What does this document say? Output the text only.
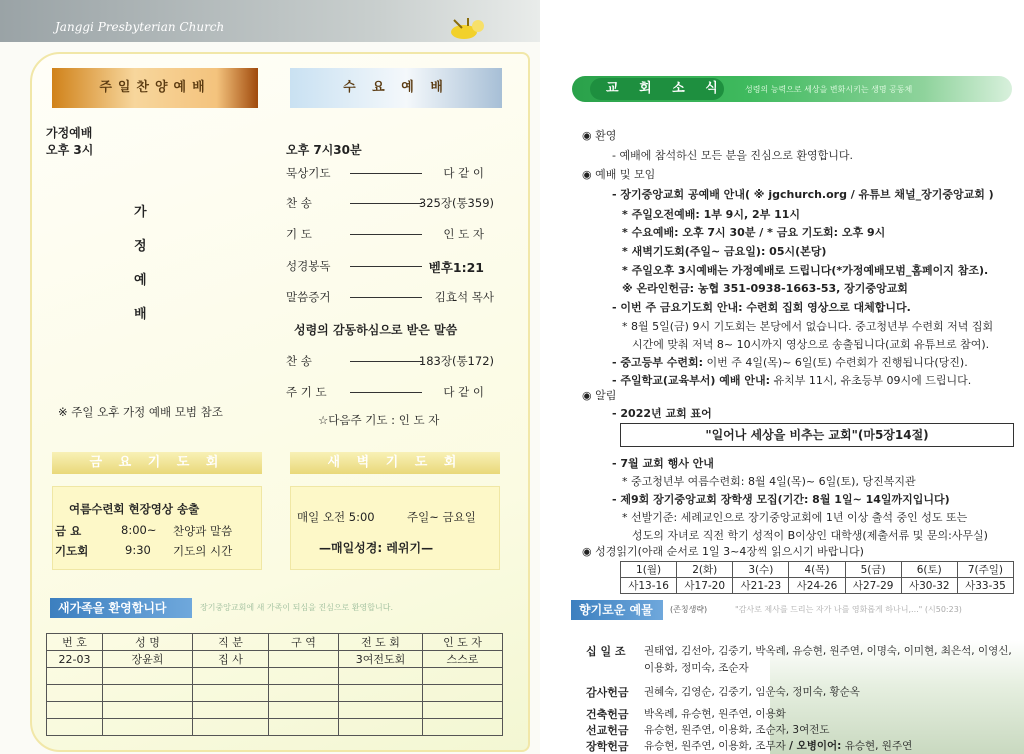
Janggi Presbyterian Church
주일찬양예배	수 요 예 배
가정예배
오후 3시
가
정
예
배
※ 주일 오후 가정 예배 모범 참조
오후 7시30분
묵상기도	다 같 이
찬 송	325장(통359)
기 도	인 도 자
성경봉독	벧후1:21
말씀증거	김효석 목사
성령의 감동하심으로 받은 말씀
찬 송	183장(통172)
주 기 도	다 같 이
☆다음주 기도 : 인 도 자
금 요 기 도 회
여름수련회 현장영상 송출
금 요	8:00~ 찬양과 말씀
기도회	9:30 기도의 시간
새 벽 기 도 회
매일 오전 5:00	주일~ 금요일
—매일성경: 레위기—
새가족을 환영합니다	장기중앙교회에 새 가족이 되심을 진심으로 환영합니다.
번 호	성 명	직 분	구 역	전 도 회	인 도 자
22-03	장윤희	집 사		3여전도회	스스로

교 회 소 식 성령의 능력으로 세상을 변화시키는 생명 공동체
◉ 환영
- 예배에 참석하신 모든 분을 진심으로 환영합니다.
◉ 예배 및 모임
- 장기중앙교회 공예배 안내( ※ jgchurch.org / 유튜브 채널_장기중앙교회 )
* 주일오전예배: 1부 9시, 2부 11시
* 수요예배: 오후 7시 30분 / * 금요 기도회: 오후 9시
* 새벽기도회(주일~ 금요일): 05시(본당)
* 주일오후 3시예배는 가정예배로 드립니다(*가정예배모범_홈페이지 참조).
※ 온라인헌금: 농협 351-0938-1663-53, 장기중앙교회
- 이번 주 금요기도회 안내: 수련회 집회 영상으로 대체합니다.
* 8월 5일(금) 9시 기도회는 본당에서 없습니다. 중고청년부 수련회 저녁 집회
시간에 맞춰 저녁 8~ 10시까지 영상으로 송출됩니다(교회 유튜브로 참여).
- 중고등부 수련회: 이번 주 4일(목)~ 6일(토) 수련회가 진행됩니다(당진).
- 주일학교(교육부서) 예배 안내: 유치부 11시, 유초등부 09시에 드립니다.
◉ 알림
- 2022년 교회 표어
"일어나 세상을 비추는 교회"(마5장14절)
- 7월 교회 행사 안내
* 중고청년부 여름수련회: 8월 4일(목)~ 6일(토), 당진복지관
- 제9회 장기중앙교회 장학생 모집(기간: 8월 1일~ 14일까지입니다)
* 선발기준: 세례교인으로 장기중앙교회에 1년 이상 출석 중인 성도 또는
성도의 자녀로 직전 학기 성적이 B이상인 대학생(제출서류 및 문의:사무실)
◉ 성경읽기(아래 순서로 1일 3~4장씩 읽으시기 바랍니다)
1(월)	2(화)	3(수)	4(목)	5(금)	6(토)	7(주일)
사13-16	사17-20	사21-23	사24-26	사27-29	사30-32	사33-35
향기로운 예물	(존칭생략)	"감사로 제사를 드리는 자가 나를 영화롭게 하나니,..." (시50:23)
십 일 조 권태엽, 김선아, 김중기, 박옥례, 유승현, 원주연, 이명숙, 이미현, 최은석, 이영신,
이용화, 정미숙, 조순자
감사헌금 권혜숙, 김영순, 김중기, 임운숙, 정미숙, 황순옥
건축헌금 박옥례, 유승현, 원주연, 이용화
선교헌금 유승현, 원주연, 이용화, 조순자, 3여전도
장학헌금 유승현, 원주연, 이용화, 조무자 / 오병이어: 유승현, 원주연
